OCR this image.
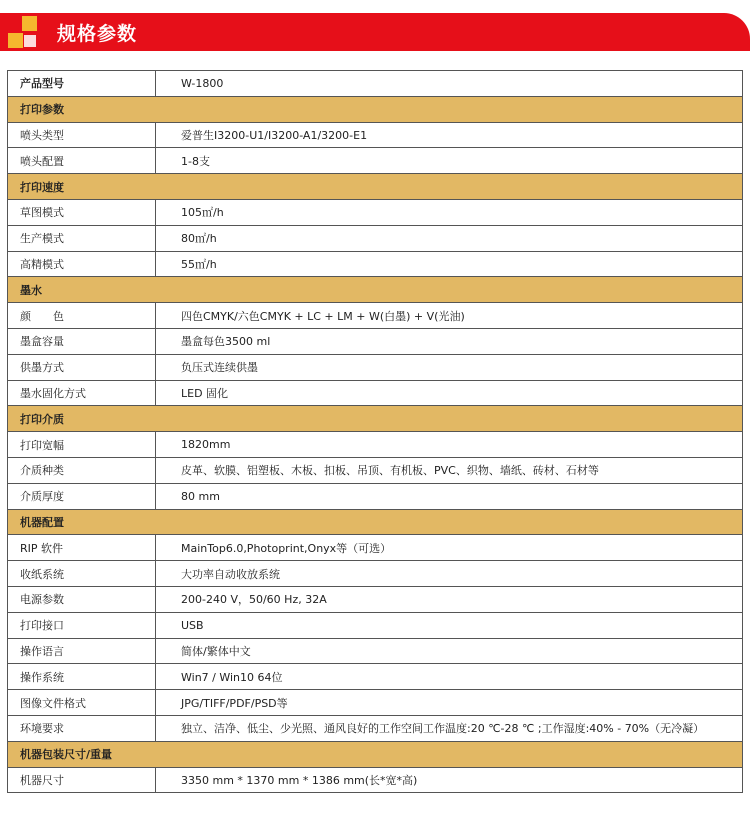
规格参数
产品型号	W-1800
打印参数	
喷头类型	爱普生I3200-U1/I3200-A1/3200-E1
喷头配置	1-8支
打印速度	
草图模式	105㎡/h
生产模式	80㎡/h
高精模式	55㎡/h
墨水	
颜　　色	四色CMYK/六色CMYK + LC + LM + W(白墨) + V(光油)
墨盒容量	墨盒每色3500 ml
供墨方式	负压式连续供墨
墨水固化方式	LED 固化
打印介质	
打印宽幅	1820mm
介质种类	皮革、软膜、铝塑板、木板、扣板、吊顶、有机板、PVC、织物、墙纸、砖材、石材等
介质厚度	80 mm
机器配置	
RIP 软件	MainTop6.0,Photoprint,Onyx等（可选）
收纸系统	大功率自动收放系统
电源参数	200-240 V，50/60 Hz, 32A
打印接口	USB
操作语言	简体/繁体中文
操作系统	Win7 / Win10 64位
图像文件格式	JPG/TIFF/PDF/PSD等
环境要求	独立、洁净、低尘、少光照、通风良好的工作空间工作温度:20 ℃-28 ℃ ;工作湿度:40% - 70%（无冷凝）
机器包装尺寸/重量	
机器尺寸	3350 mm * 1370 mm * 1386 mm(长*宽*高)
